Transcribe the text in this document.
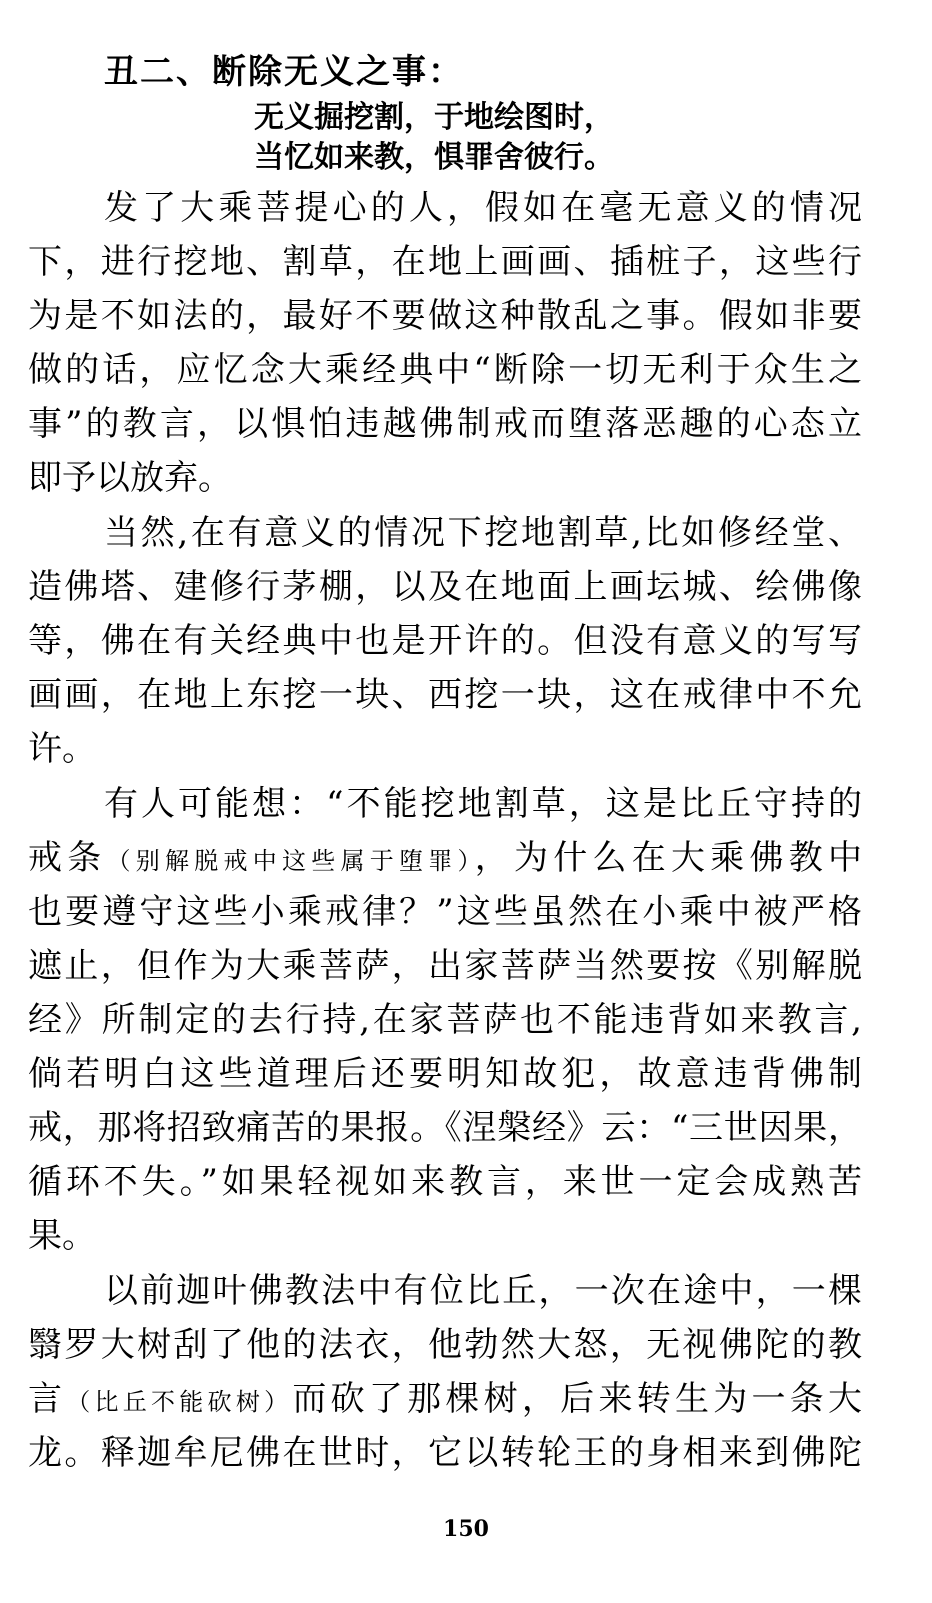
丑二、断除无义之事：
无义掘挖割，于地绘图时，
当忆如来教，惧罪舍彼行。
发了大乘菩提心的人，假如在毫无意义的情况
下，进行挖地、割草，在地上画画、插桩子，这些行
为是不如法的，最好不要做这种散乱之事。假如非要
做的话，应忆念大乘经典中“断除一切无利于众生之
事”的教言，以惧怕违越佛制戒而堕落恶趣的心态立
即予以放弃。
当然,在有意义的情况下挖地割草,比如修经堂、
造佛塔、建修行茅棚，以及在地面上画坛城、绘佛像
等，佛在有关经典中也是开许的。但没有意义的写写
画画，在地上东挖一块、西挖一块，这在戒律中不允
许。
有人可能想：“不能挖地割草，这是比丘守持的
戒条（别解脱戒中这些属于堕罪），为什么在大乘佛教中
也要遵守这些小乘戒律？”这些虽然在小乘中被严格
遮止，但作为大乘菩萨，出家菩萨当然要按《别解脱
经》所制定的去行持,在家菩萨也不能违背如来教言,
倘若明白这些道理后还要明知故犯，故意违背佛制
戒，那将招致痛苦的果报。《涅槃经》云：“三世因果，
循环不失。”如果轻视如来教言，来世一定会成熟苦
果。
以前迦叶佛教法中有位比丘，一次在途中，一棵
翳罗大树刮了他的法衣，他勃然大怒，无视佛陀的教
言（比丘不能砍树）而砍了那棵树，后来转生为一条大
龙。释迦牟尼佛在世时，它以转轮王的身相来到佛陀
150
